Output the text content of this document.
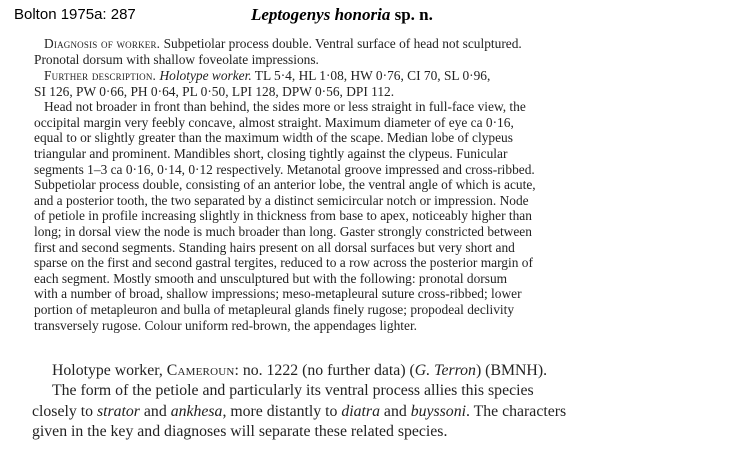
Bolton 1975a: 287	Leptogenys honoria sp. n.
Diagnosis of worker. Subpetiolar process double. Ventral surface of head not sculptured.
Pronotal dorsum with shallow foveolate impressions.
Further description. Holotype worker. TL 5·4, HL 1·08, HW 0·76, CI 70, SL 0·96,
SI 126, PW 0·66, PH 0·64, PL 0·50, LPI 128, DPW 0·56, DPI 112.
Head not broader in front than behind, the sides more or less straight in full-face view, the
occipital margin very feebly concave, almost straight. Maximum diameter of eye ca 0·16,
equal to or slightly greater than the maximum width of the scape. Median lobe of clypeus
triangular and prominent. Mandibles short, closing tightly against the clypeus. Funicular
segments 1–3 ca 0·16, 0·14, 0·12 respectively. Metanotal groove impressed and cross-ribbed.
Subpetiolar process double, consisting of an anterior lobe, the ventral angle of which is acute,
and a posterior tooth, the two separated by a distinct semicircular notch or impression. Node
of petiole in profile increasing slightly in thickness from base to apex, noticeably higher than
long; in dorsal view the node is much broader than long. Gaster strongly constricted between
first and second segments. Standing hairs present on all dorsal surfaces but very short and
sparse on the first and second gastral tergites, reduced to a row across the posterior margin of
each segment. Mostly smooth and unsculptured but with the following: pronotal dorsum
with a number of broad, shallow impressions; meso-metapleural suture cross-ribbed; lower
portion of metapleuron and bulla of metapleural glands finely rugose; propodeal declivity
transversely rugose. Colour uniform red-brown, the appendages lighter.
Holotype worker, Cameroun: no. 1222 (no further data) (G. Terron) (BMNH).
The form of the petiole and particularly its ventral process allies this species
closely to strator and ankhesa, more distantly to diatra and buyssoni. The characters
given in the key and diagnoses will separate these related species.
